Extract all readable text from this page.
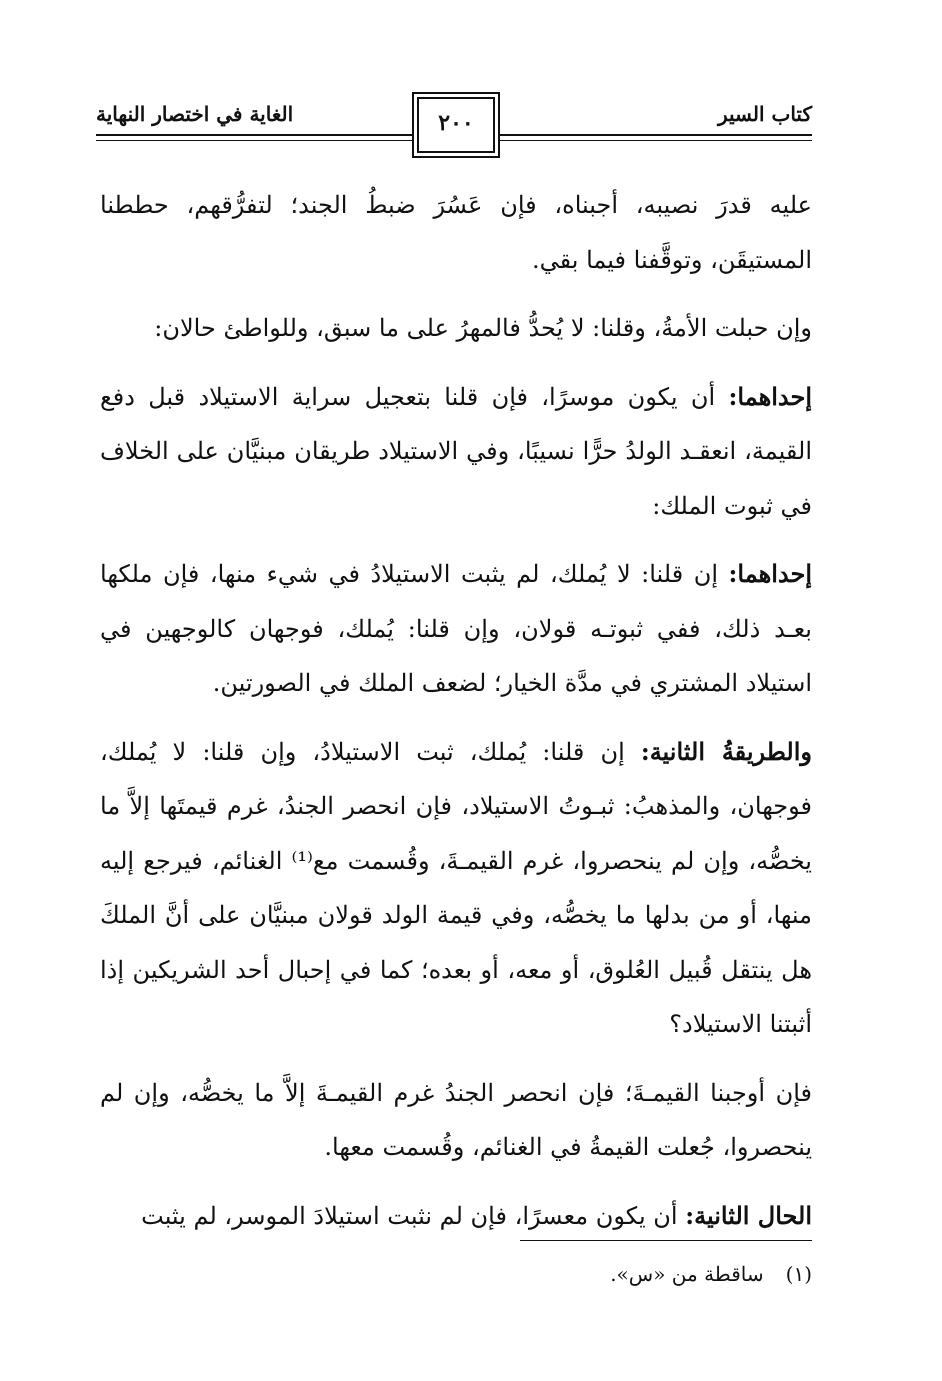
كتاب السير
الغاية في اختصار النهاية	٢٠٠

عليه قدرَ نصيبه، أجبناه، فإن عَسُرَ ضبطُ الجند؛ لتفرُّقهم، حططنا المستيقَن، وتوقَّفنا فيما بقي.

وإن حبلت الأمةُ، وقلنا: لا يُحدُّ فالمهرُ على ما سبق، وللواطئ حالان:

إحداهما: أن يكون موسرًا، فإن قلنا بتعجيل سراية الاستيلاد قبل دفع القيمة، انعقـد الولدُ حرًّا نسيبًا، وفي الاستيلاد طريقان مبنيَّان على الخلاف في ثبوت الملك:

إحداهما: إن قلنا: لا يُملك، لم يثبت الاستيلادُ في شيء منها، فإن ملكها بعـد ذلك، ففي ثبوتـه قولان، وإن قلنا: يُملك، فوجهان كالوجهين في استيلاد المشتري في مدَّة الخيار؛ لضعف الملك في الصورتين.

والطريقةُ الثانية: إن قلنا: يُملك، ثبت الاستيلادُ، وإن قلنا: لا يُملك، فوجهان، والمذهبُ: ثبـوتُ الاستيلاد، فإن انحصر الجندُ، غرم قيمتَها إلاَّ ما يخصُّه، وإن لم ينحصروا، غرم القيمـةَ، وقُسمت مع⁽¹⁾ الغنائم، فيرجع إليه منها، أو من بدلها ما يخصُّه، وفي قيمة الولد قولان مبنيَّان على أنَّ الملكَ هل ينتقل قُبيل العُلوق، أو معه، أو بعده؛ كما في إحبال أحد الشريكين إذا أثبتنا الاستيلاد؟

فإن أوجبنا القيمـةَ؛ فإن انحصر الجندُ غرم القيمـةَ إلاَّ ما يخصُّه، وإن لم ينحصروا، جُعلت القيمةُ في الغنائم، وقُسمت معها.

الحال الثانية: أن يكون معسرًا، فإن لم نثبت استيلادَ الموسر، لم يثبت

(١)ساقطة من «س».
